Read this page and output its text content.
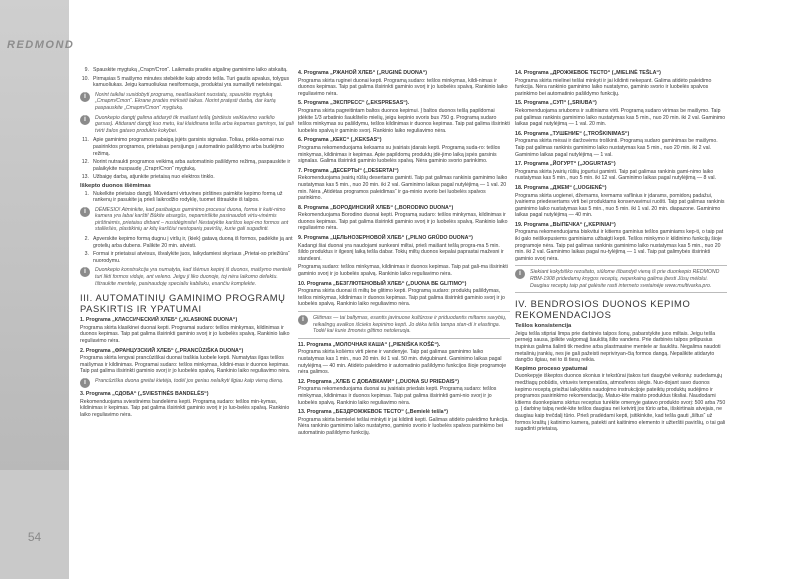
54
REDMOND
9. Spauskite mygtuką „Старт/Стоп“. Laikmatis pradės atgalinę gaminimo laiko atskaitą.
10. Pirmąsias 5 maišymo minutes stebėkite kaip atrodo tešla. Turi gautis apvalus, tolygus kamuoliukas. Jeigu kamuoliukas nesiformuoja, produktai yra sumaišyti neteisingai.
i	Norint taikliai susidobyti programą, neatšaukiant nuostatų, spauskite mygtuką „Старт/Стоп“. Ekrane pradės mirksėti laikas. Norint pratęsti darbą, dar kartą paspauskite „Старт/Стоп“ mygtuką.
i	Duonkepio dangtį galima atidaryti tik maišant tešlą (pirdėsis veiklavimo variklio garsas). Atidarant dangtį kuo metu, kai klaidinana tešla arba kepamas gaminys, tai gali tvirti žalos gatavo produkto kokybei.
11. Apie gaminimo programos pabaigą įsjėts garsinis signalas. Toliau, prikla-somai nuo pasirinktos programos, prietaisas persijungs į automatinio pašildymo arba budėjimo režimą.
12. Norint nutraukti programos veikimą arba automatinio pašildymo režimą, paspauskite ir palaikykite nuspaudę „Старт/Стоп“ mygtuką.
13. Užbaigę darbą, atjunkite prietaisą nuo elektros tinklo.
Iškepto duonos išėmimas
1. Nukelkite prietaiso dangtį. Mūvėdami virtuvines pirštines paimkite kepimo formą už rankenų ir pasukite ją prieš laikrodžio rodyklę, tuomet ištraukite iš talpos.
i	DĖMESIO! Atminkite, kad pasibaigus gaminimo procesui duona, forma ir kaiti-nimo kamera yra labai karšti! Būkite atsargūs, nepamirškite pasinaudoti virtu-vinėmis pirštinėmis, prietaisu dirbant – nusidėginsite! Nestatykite karštos kepi-mo formos ant stalliešės, plastikinių ar kitų karščiui nestoparių paviršių, kurie gali sugadinti.
2. Apverskite kepimo formą dugnu į viršų ir, (kiek) gatavą duoną iš formos, padėkite ją ant grotelių arba dubens. Palikite 20 min. atvėsti.
3. Formai ir prietaisui atvėsus, išvalykite juos, laikydamiesi skyriaus „Prietai-so priežiūra“ nuorodymu.
i	Duonkepio konstrukcija yra numatyta, kad išėmus kepinį iš duonos, maišymo mentelė turi likti formos viduje, ant veleno. Jeigu ji liko duonoje, toj nėra laikomo defektu. Ištraukite mentelę, pasinaudoję specialiu kabliuku, esančiu komplekte.
III. AUTOMATINIŲ GAMINIMO PROGRAMŲ PASKIRTIS IR YPATUMAI
1. Programa „КЛАССИЧЕСКИЙ ХЛЕБ“ („KLASIKINĖ DUONA“)
Programa skirta klasikinei duonai kepti. Programai sudaro: tešlos minkymas, kildinimas ir duonos kepimas. Taip pat galima išsirinkti gaminio svorį ir jo luobelės spalvą. Rankinio laiko reguliavimo nėra.
2. Programa „ФРАНЦУЗСКИЙ ХЛЕБ“ („PRANCŪZIŠKA DUONA“)
Programa skirta lengvai prancūziškai duonai traškia luobele kepti. Numatytas ilgas tešlos maišymas ir kildinimas. Programai sudaro: tešlos minkymas, kildini-mas ir duonos kepimas. Taip pat galima išsirinkti gaminio svorį ir jo luobelės spalvą. Rankinio laiko reguliavimo nėra.
i	Prancūziška duona greitai kietėja, todėl jos geriau nelaikyti ilgiau kaip vieną dieną.
3. Programa „СДОБА“ („SVIESTINĖS BANDELĖS“)
Rekomenduojama sviestinėms bandelėms kepti. Programą sudaro: tešlos min-kymas, kildinimas ir kepimas. Taip pat galima išsirinkti gaminio svorį ir jo luo-belės spalvą. Rankinio laiko reguliavimo nėra.
4. Programa „РЖАНОЙ ХЛЕБ“ („RUGINĖ DUONA“)
Programa skirta ruginei duonai kepti. Programą sudaro: tešlos minkymas, kildi-nimas ir duonos kepimas. Taip pat galima išsirinkti gaminio svorį ir jo luobelės spalvą. Rankinio laiko reguliavimo nėra.
5. Programa „ЭКСПРЕСС“ („EKSPRESAS“).
Programa skirta pagreitintam baltos duonos kepimui. Į baltos duonos tešlą papildomai įdėkite 1/3 arbatinio šaukštelio mielių, jeigu kepinio svoris bus 750 g. Programą sudaro tešlos minkymas su pašildymu, tešlos kildinimas ir duonos kepimas. Taip pat galima išsirinkti luobelės spalvą ir gaminio svorį. Rankinio laiko reguliavimo nėra.
6. Programa „КЕКС“ („KEKSAS“)
Programa rekomenduojama keksams su įvairiais įdarais kepti. Programą suda-ro: tešlos minkymas, kildinimas ir kepimas. Apie papildomų produktų įdė-jimo laiką įspės garsinis signalas. Galima išsirinkti gaminio luobelės spalvą. Nėra gaminio svorio parinkimo.
7. Programa „ДЕСЕРТЫ“ („DESERTAI“)
Rekomenduojama įvairių rūšių desertams gaminti. Taip pat galimas rankinis gaminimo laiko nustatymas kas 5 min., nuo 20 min. iki 2 val. Gaminimo laikas pagal nutylėjimą — 1 val. 20 min. Nėra „Atidėtas programos paleidimas“ ir ga-minio svorio bei luobelės spalvos parinkimo.
8. Programa „БОРОДИНСКИЙ ХЛЕБ“ („BORODINO DUONA“)
Rekomenduojama Borodino duonai kepti. Programą sudaro: tešlos minkymas, kildinimas ir duonos kepimas. Taip pat galima išsirinkti gaminio svorį ir jo luobelės spalvą. Rankinio laiko reguliavimo nėra.
9. Programa „ЦЕЛЬНОЗЕРНОВОЙ ХЛЕБ“ („PILNO GRŪDO DUONA“)
Kadangi šiai duonai yra naudojami sunkesni miltai, prieš maišant tešlą progra-ma 5 min. šildo produktus ir ilgesnį laiką tešla dabar. Tokių miltų duonos kepalai paprastai mažesni ir standesni.
Programą sudaro: tešlos minkymas, kildinimas ir duonos kepimas. Taip pat gali-ma išsirinkti gaminio svorį ir jo luobelės spalvą. Rankinio laiko reguliavimo nėra.
10. Programa „БЕЗГЛЮТЕНОВЫЙ ХЛЕБ“ („DUONA BE GLITIMO“)
Programa skirta duonai iš miltų be glitimo kepti. Programą sudaro: produktų pašildymas, tešlos minkymas, kildinimas ir duonos kepimas. Taip pat galima išsirinkti gaminio svorį ir jo luobelės spalvą. Rankinio laiko reguliavimo nėra.
i	Glitimas — tai baltymas, esantis javinuose kultūrose ir priduodantis miltams savybių, reikalingų avalkos išcieks kepinimo kepti. Jo dėka tešla tampa stan-di ir elastinga. Todėl kai kurie žmonės glitimo netoleruoja.
11. Programa „МОЛОЧНАЯ КАША“ („PIENIŠKA KOŠĖ“).
Programa skirta košėms virti piene ir vandenyje. Taip pat galimas gaminimo laiko nustatymas kas 1 min., nuo 20 min. iki 1 val. 50 min. dvigubinant. Gaminimo laikas pagal nutylėjimą — 40 min. Atidėto paleidimo ir automatinio pašildymo funkcijos šioje programoje nėra galimos.
12. Programa „ХЛЕБ С ДОБАВКАМИ“ („DUONA SU PRIEDAIS“)
Programa rekomenduojama duonai su įvairiais priedais kepti. Programą sudaro: tešlos minkymas, kildinimas ir duonos kepimas. Taip pat galima išsirinkti gami-nio svorį ir jo luobelės spalvą. Rankinio laiko reguliavimo nėra.
13. Programa „БЕЗДРОЖЖЕВОЕ ТЕСТО“ („Bemielė tešla“)
Programa skirta bemielei tešlai minkyti ir jai kildinti kepti. Galimas atidėto paleidimo funkcija. Nėra rankinio gaminimo laiko nustatymo, gaminio svorio ir luobelės spalvos parinkimo bei automatinio pašildymo funkcijų.
14. Programa „ДРОЖЖЕВОЕ ТЕСТО“ („MIELINĖ TEŠLA“)
Programa skirta mielinei tešlai minkyti ir jai kildinti nekepant. Galima atidėto paleidimo funkcija. Nėra rankinio gaminimo laiko nustatymo, gaminio svorio ir luobelės spalvos parinkimo bei automatinio pašildymo funkcijų.
15. Programa „СУП“ („SRIUBA“)
Rekomenduojama sriuboms ir sultiniams virti. Programą sudaro virimas be maišymo. Taip pat galimas rankinis gaminimo laiko nustatymas kas 5 min., nuo 20 min. iki 2 val. Gaminimo laikas pagal nutylėjimą — 1 val. 20 min.
16. Programa „ТУШЕНИЕ“ („TROŠKINIMAS“)
Programa skirta mėsai ir daržovėms troškinti. Programą sudaro gaminimas be maišymo. Taip pat galimas rankinis gaminimo laiko nustatymas kas 5 min., nuo 20 min. iki 2 val. Gaminimo laikas pagal nutylėjimą — 1 val.
17. Programa „ЙОГУРТ“ („JOGURTAS“)
Programa skirta įvairių rūšių jogurtui gaminti. Taip pat galimas rankinis gami-nimo laiko nustatymas kas 5 min., nuo 5 min. iki 12 val. Gaminimo laikas pagal nutylėjimą — 8 val.
18. Programa „ДЖЕМ“ („UOGIENĖ“)
Programa skirta uogienei, džemams, kremams vaflinius ir įdarams, pomidorų padažui, įvairiems priedesertams virti bei produktams konservavimui ruošti. Taip pat galimas rankinis gaminimo laiko nustatymas kas 5 min., nuo 5 min. iki 1 val. 20 min. diapazone. Gaminimo laikas pagal nutylėjimą — 40 min.
19. Programa „ВЫПЕЧКА“ („KEPINIAI“)
Programa rekomenduojama biskvitui ir kitiems gaminius tešlos gaminiams kep-ti, o taip pat iki galo neiškepusiems gaminiams užbaigti kepti. Tešlos minkymo ir kildinimo funkcijų šioje programoje nėra. Taip pat galimas rankinis gaminimo laiko nustatymas kas 5 min., nuo 20 min. iki 2 val. Gaminimo laikas pagal nu-tylėjimą — 1 val. Taip pat galimybės išsirinkti gaminio svorį nėra.
i	Siekiant kokybiško rezultato, siūlome išbandyti vieną iš prie duonkepio REDMOND RBM-1908 pridedamų knygos receptų, neperkainą galima įbesti Jūsų mėlolui. Daugiau receptų taip pat galėsite rasti interneto svetainėje www.multivarka.pro.
IV. BENDROSIOS DUONOS KEPIMO REKOMENDACIJOS
Tešlos konsistencija
Jeigu tešla stipriai limpa prie darbinės talpos šonų, pabarstykite juos miltais. Jeigu tešla perneįg sausa, įpilkite valgomąjį šaukštą šilto vandens. Prie darbinės talpos prilipusius trupinius galima šalinti tik medine arba plastmasine mentele ar šaukštu. Negalima naudoti metalinių įrankių, nes jie gali pažeisti nepriviryan-čią formos dangą. Nepalikite atidaryto dangčio ilgiau, nei to iš tiesų reikia.
Kepimo proceso ypatumai
Duonkepyje iškeptos duonos skonius ir tekstūrai įtakos turi daugybė veiksnių: sudedamųjų medžiagų pobūdis, virtuvės temperatūra, atmosferos slėgis. Nuo-dojant savo duonos kepimo receptą griežtai laikykitės naudojimo instrukcijoje pateiktų produktų sudėjimo ir programos pasirinkimo rekomendacijų. Matuo-kite maisto produktus tiksliai. Naudodami kitiems duonkepiams skirtus receptus turėkite omenyje gatavo produkto svorį: 500 arba 750 g. Į darbinę talpą nedė-kite tešlos daugiau nei ketvirtį jos tūrio arba, išskirtinais atvejais, ne daugiau kaip trečdalį tūrio. Prieš pradėdami kepti, įsitikinkite, kad tešla gauti „šiltus“ už formos kraštų į katinimo kamerą, patekti ant kaitinimo elemento ir užterštii paviršių, o tai gali sugadinti prietaisą.
